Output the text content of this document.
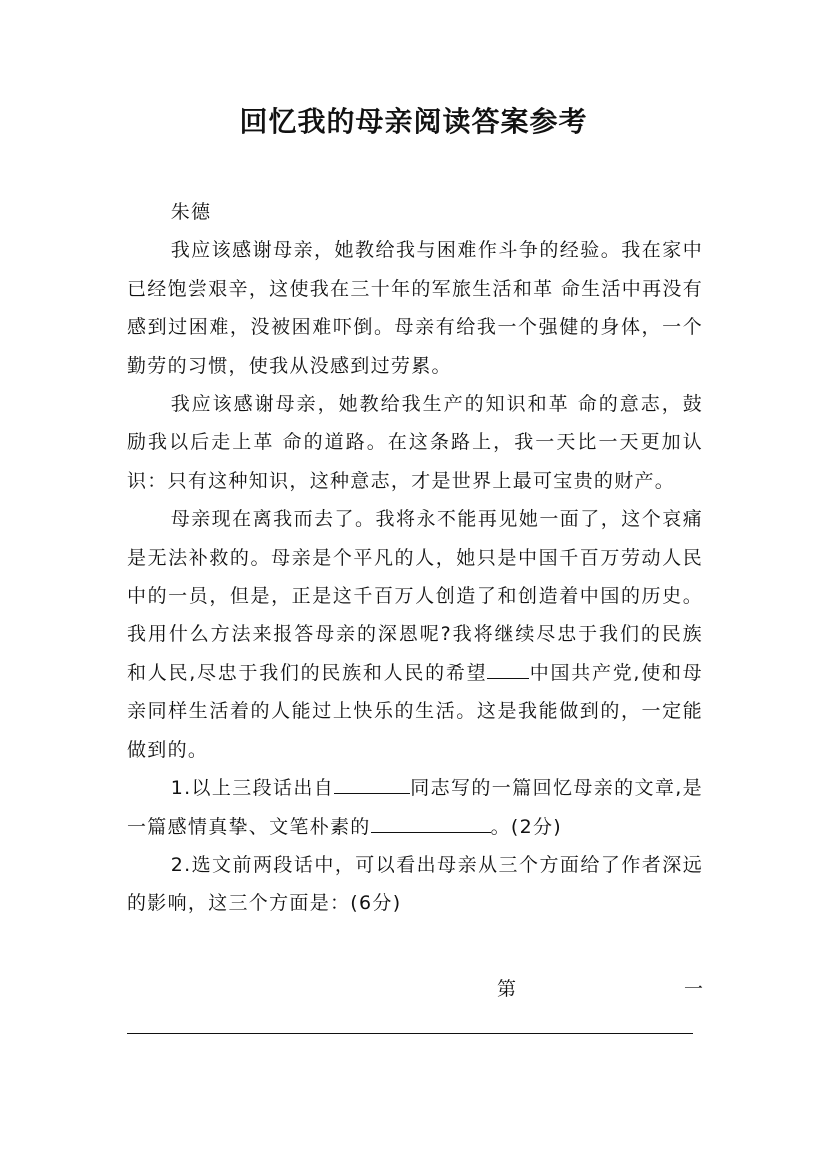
回忆我的母亲阅读答案参考

朱德

我应该感谢母亲，她教给我与困难作斗争的经验。我在家中已经饱尝艰辛，这使我在三十年的军旅生活和革 命生活中再没有感到过困难，没被困难吓倒。母亲有给我一个强健的身体，一个勤劳的习惯，使我从没感到过劳累。

我应该感谢母亲，她教给我生产的知识和革 命的意志，鼓励我以后走上革 命的道路。在这条路上，我一天比一天更加认识：只有这种知识，这种意志，才是世界上最可宝贵的财产。

母亲现在离我而去了。我将永不能再见她一面了，这个哀痛是无法补救的。母亲是个平凡的人，她只是中国千百万劳动人民中的一员，但是，正是这千百万人创造了和创造着中国的历史。我用什么方法来报答母亲的深恩呢?我将继续尽忠于我们的民族和人民,尽忠于我们的民族和人民的希望 中国共产党,使和母亲同样生活着的人能过上快乐的生活。这是我能做到的，一定能做到的。

1.以上三段话出自	同志写的一篇回忆母亲的文章,是一篇感情真挚、文笔朴素的	。(2分)

2.选文前两段话中，可以看出母亲从三个方面给了作者深远的影响，这三个方面是：(6分)

第	一
